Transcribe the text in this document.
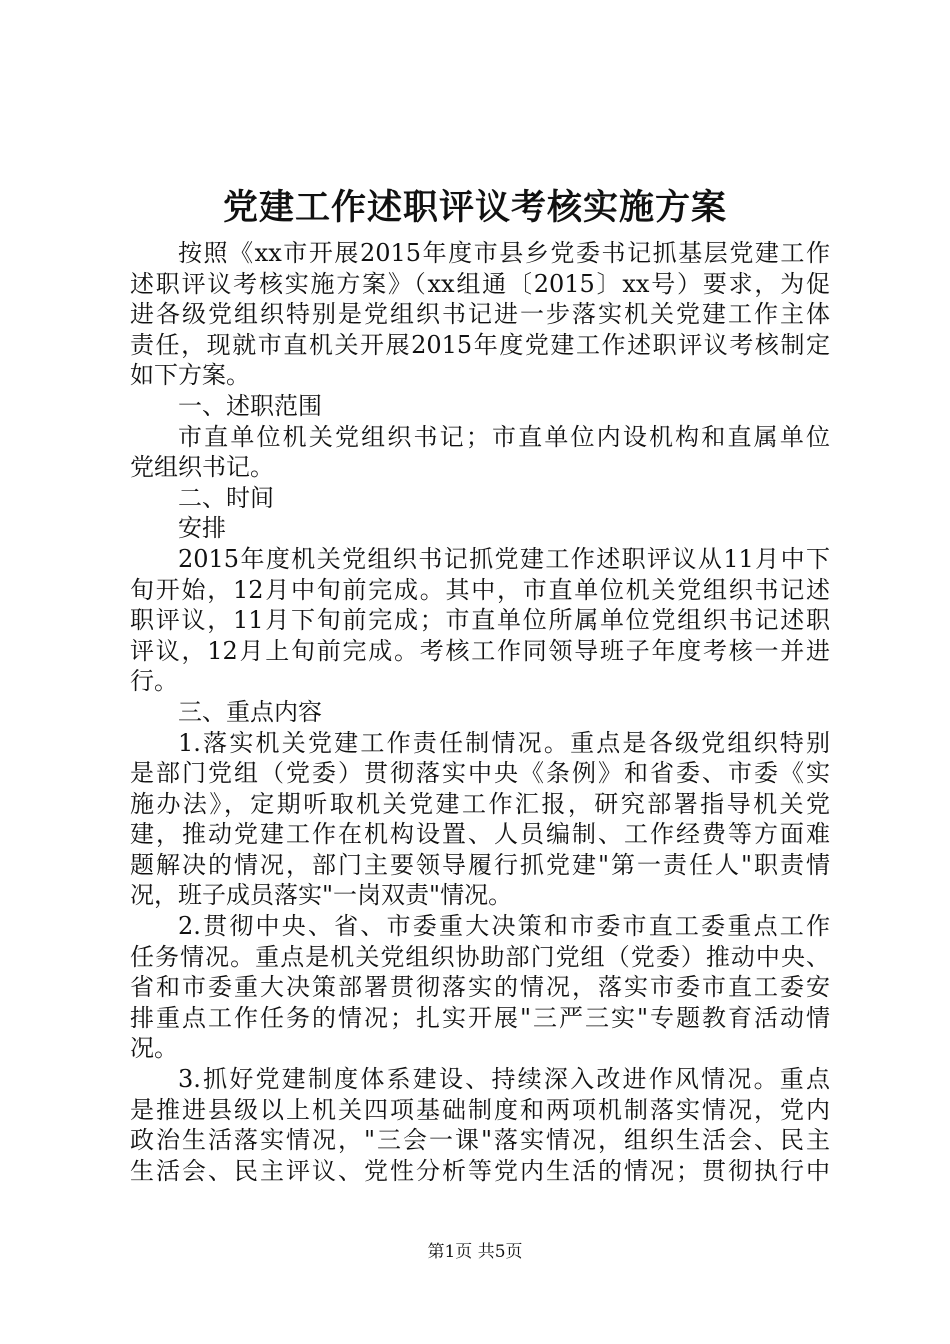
党建工作述职评议考核实施方案
按照《xx市开展2015年度市县乡党委书记抓基层党建工作
述职评议考核实施方案》（xx组通〔2015〕xx号）要求，为促
进各级党组织特别是党组织书记进一步落实机关党建工作主体
责任，现就市直机关开展2015年度党建工作述职评议考核制定
如下方案。
一、述职范围
市直单位机关党组织书记；市直单位内设机构和直属单位
党组织书记。
二、时间
安排
2015年度机关党组织书记抓党建工作述职评议从11月中下
旬开始，12月中旬前完成。其中，市直单位机关党组织书记述
职评议，11月下旬前完成；市直单位所属单位党组织书记述职
评议，12月上旬前完成。考核工作同领导班子年度考核一并进
行。
三、重点内容
1.落实机关党建工作责任制情况。重点是各级党组织特别
是部门党组（党委）贯彻落实中央《条例》和省委、市委《实
施办法》，定期听取机关党建工作汇报，研究部署指导机关党
建，推动党建工作在机构设置、人员编制、工作经费等方面难
题解决的情况，部门主要领导履行抓党建"第一责任人"职责情
况，班子成员落实"一岗双责"情况。
2.贯彻中央、省、市委重大决策和市委市直工委重点工作
任务情况。重点是机关党组织协助部门党组（党委）推动中央、
省和市委重大决策部署贯彻落实的情况，落实市委市直工委安
排重点工作任务的情况；扎实开展"三严三实"专题教育活动情
况。
3.抓好党建制度体系建设、持续深入改进作风情况。重点
是推进县级以上机关四项基础制度和两项机制落实情况，党内
政治生活落实情况，"三会一课"落实情况，组织生活会、民主
生活会、民主评议、党性分析等党内生活的情况；贯彻执行中
第1页 共5页
